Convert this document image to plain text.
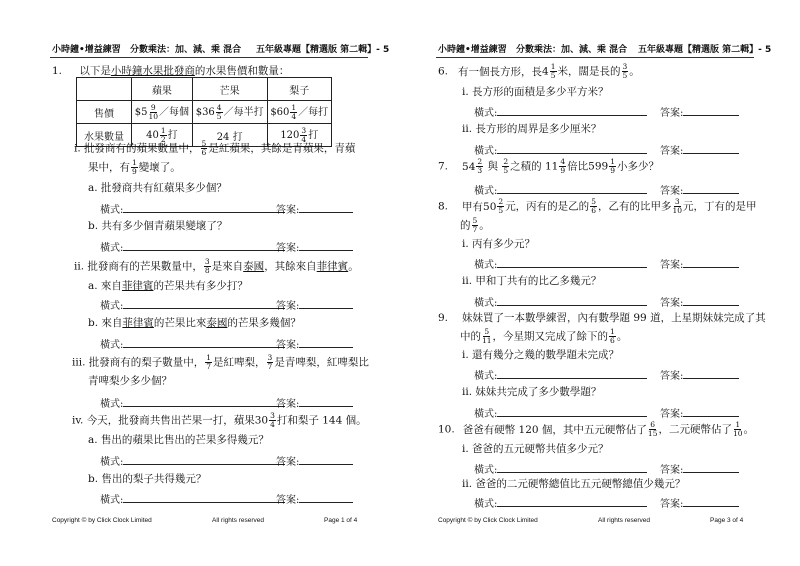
小時鐘•增益練習 分數乘法：加、減、乘 混合 五年級專題【精選版 第二輯】- 5
1. 以下是小時鐘水果批發商的水果售價和數量：
	蘋果	芒果	梨子
售價	$5 $\frac{9}{10}$ ／每個	$36 $\frac{4}{5}$ ／每半打	$60 $\frac{1}{4}$ ／每打
水果數量	$40 \frac{1}{2}$ 打	24 打	$120 \frac{3}{4}$ 打
i. 批發商有的蘋果數量中， $\frac{5}{6}$ 是紅蘋果，其餘是青蘋果，青蘋
果中，有 $\frac{1}{9}$ 變壞了。
a. 批發商共有紅蘋果多少個？
橫式:	答案:
b. 共有多少個青蘋果變壞了？
橫式:	答案:
ii. 批發商有的芒果數量中， $\frac{3}{8}$ 是來自泰國，其餘來自菲律賓。
a. 來自菲律賓的芒果共有多少打？
橫式:	答案:
b. 來自菲律賓的芒果比來泰國的芒果多幾個？
橫式:	答案:
iii. 批發商有的梨子數量中， $\frac{1}{7}$ 是紅啤梨， $\frac{3}{7}$ 是青啤梨，紅啤梨比
青啤梨少多少個？
橫式:	答案:
iv. 今天，批發商共售出芒果一打，蘋果$30 \frac{3}{4}$ 打和梨子 144 個。
a. 售出的蘋果比售出的芒果多得幾元？
橫式:	答案:
b. 售出的梨子共得幾元？
橫式:	答案:
Copyright © by Click Clock Limited	All rights reserved	Page 1 of 4
小時鐘•增益練習 分數乘法：加、減、乘 混合 五年級專題【精選版 第二輯】- 5
6. 有一個長方形，長$4 \frac{1}{5}$ 米，闊是長的 $\frac{3}{5}$ 。
i. 長方形的面積是多少平方米？
橫式:	答案:
ii. 長方形的周界是多少厘米？
橫式:	答案:
7. $54 \frac{2}{3}$ 與 $\frac{2}{5}$ 之積的 $11 \frac{4}{9}$ 倍比$599 \frac{1}{9}$ 小多少？
橫式:	答案:
8. 甲有$50 \frac{2}{5}$ 元，丙有的是乙的 $\frac{5}{6}$ ，乙有的比甲多 $\frac{3}{10}$ 元，丁有的是甲
的 $\frac{5}{7}$ 。
i. 丙有多少元？
橫式:	答案:
ii. 甲和丁共有的比乙多幾元？
橫式:	答案:
9. 妹妹買了一本數學練習，內有數學題 99 道，上星期妹妹完成了其
中的 $\frac{5}{11}$ ，今星期又完成了餘下的 $\frac{1}{6}$ 。
i. 還有幾分之幾的數學題未完成？
橫式:	答案:
ii. 妹妹共完成了多少數學題？
橫式:	答案:
10. 爸爸有硬幣 120 個，其中五元硬幣佔了 $\frac{6}{15}$ ，二元硬幣佔了 $\frac{1}{10}$ 。
i. 爸爸的五元硬幣共值多少元？
橫式:	答案:
ii. 爸爸的二元硬幣總值比五元硬幣總值少幾元？
橫式:	答案:
Copyright © by Click Clock Limited	All rights reserved	Page 3 of 4
